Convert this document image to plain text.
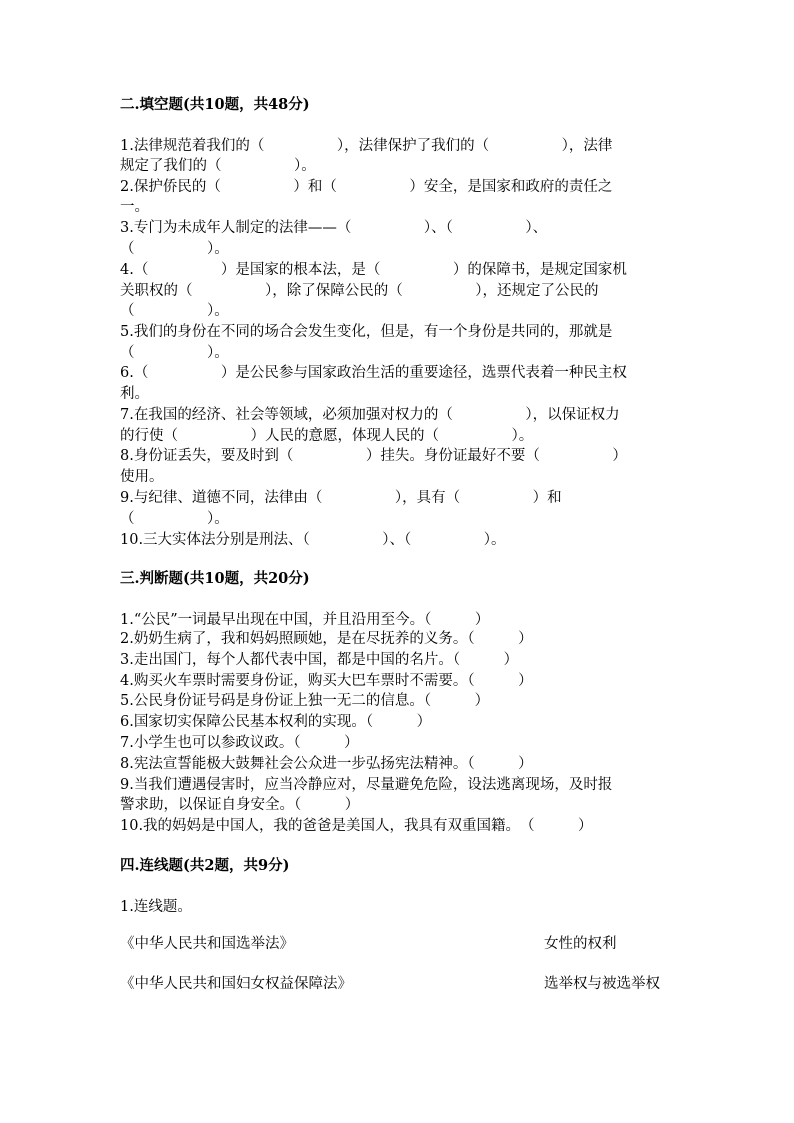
二.填空题(共10题，共48分)
1.法律规范着我们的（　　　　　），法律保护了我们的（　　　　　），法律
规定了我们的（　　　　　）。
2.保护侨民的（　　　　　）和（　　　　　）安全，是国家和政府的责任之
一。
3.专门为未成年人制定的法律——（　　　　　）、（　　　　　）、
（　　　　　）。
4.（　　　　　）是国家的根本法，是（　　　　　）的保障书，是规定国家机
关职权的（　　　　　），除了保障公民的（　　　　　），还规定了公民的
（　　　　　）。
5.我们的身份在不同的场合会发生变化，但是，有一个身份是共同的，那就是
（　　　　　）。
6.（　　　　　）是公民参与国家政治生活的重要途径，选票代表着一种民主权
利。
7.在我国的经济、社会等领域，必须加强对权力的（　　　　　），以保证权力
的行使（　　　　　）人民的意愿，体现人民的（　　　　　）。
8.身份证丢失，要及时到（　　　　　）挂失。身份证最好不要（　　　　　）
使用。
9.与纪律、道德不同，法律由（　　　　　），具有（　　　　　）和
（　　　　　）。
10.三大实体法分别是刑法、（　　　　　）、（　　　　　）。
三.判断题(共10题，共20分)
1.“公民”一词最早出现在中国，并且沿用至今。（　　　）
2.奶奶生病了，我和妈妈照顾她，是在尽抚养的义务。（　　　）
3.走出国门，每个人都代表中国，都是中国的名片。（　　　）
4.购买火车票时需要身份证，购买大巴车票时不需要。（　　　）
5.公民身份证号码是身份证上独一无二的信息。（　　　）
6.国家切实保障公民基本权利的实现。（　　　）
7.小学生也可以参政议政。（　　　）
8.宪法宣誓能极大鼓舞社会公众进一步弘扬宪法精神。（　　　）
9.当我们遭遇侵害时，应当冷静应对，尽量避免危险，设法逃离现场，及时报
警求助，以保证自身安全。（　　　）
10.我的妈妈是中国人，我的爸爸是美国人，我具有双重国籍。　（　　　）
四.连线题(共2题，共9分)
1.连线题。
《中华人民共和国选举法》	女性的权利
《中华人民共和国妇女权益保障法》	选举权与被选举权
